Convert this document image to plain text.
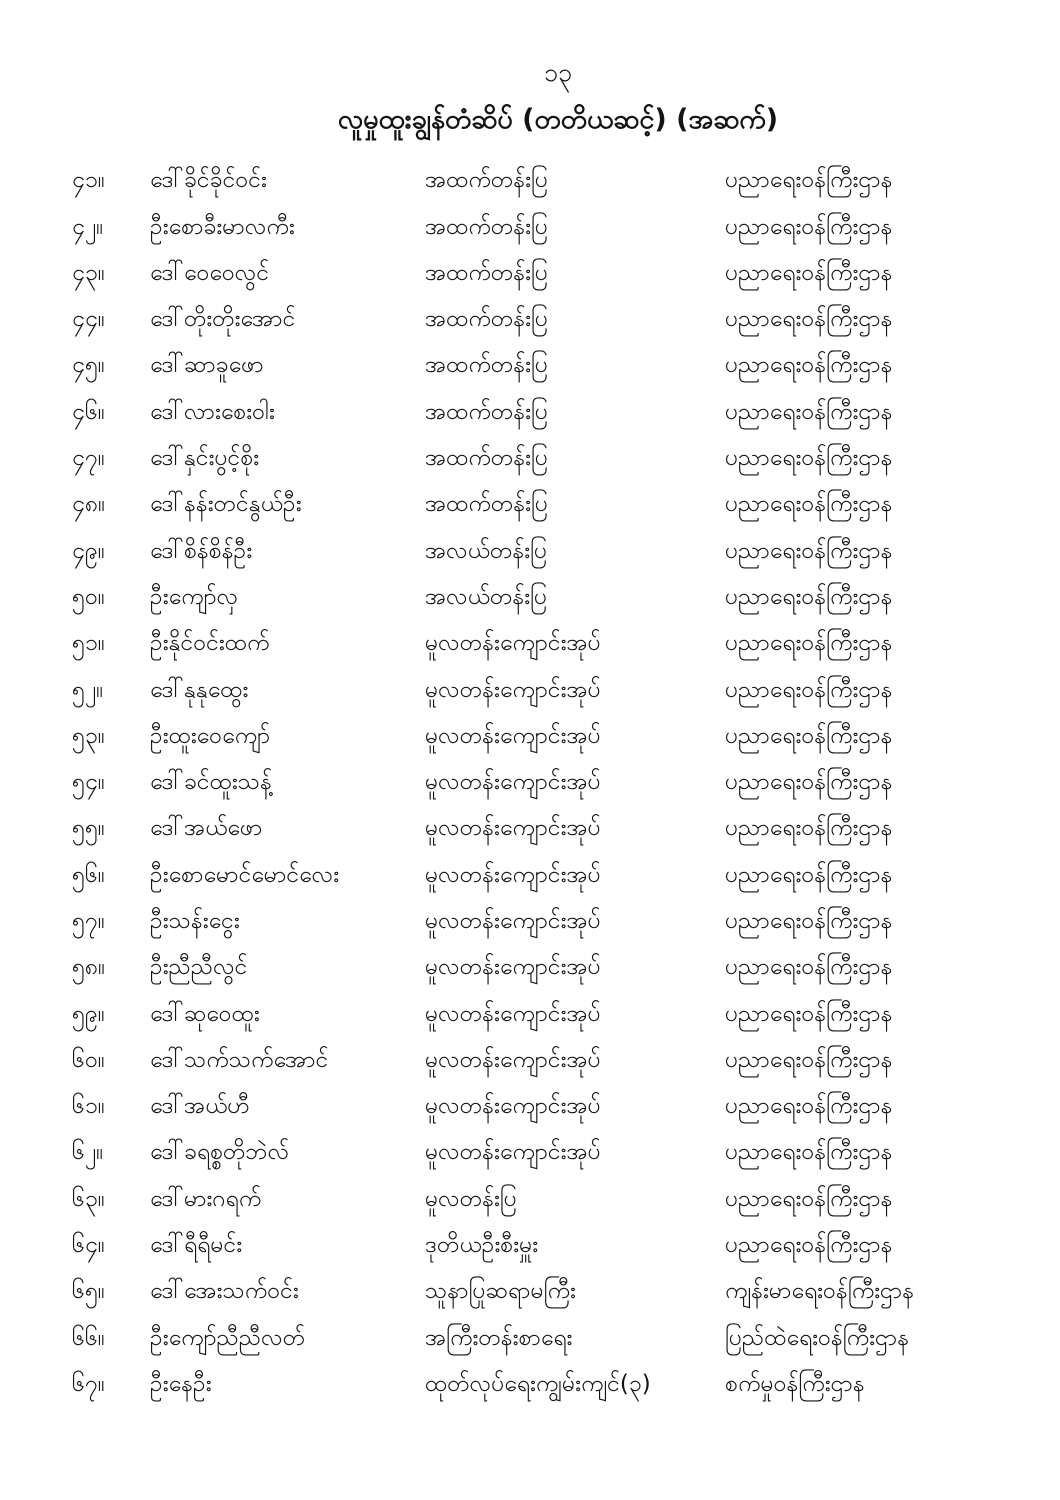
၁၃
လူမှုထူးချွန်တံဆိပ် (တတိယဆင့်) (အဆက်)
၄၁။	ဒေါ်ခိုင်ခိုင်ဝင်း	အထက်တန်းပြ	ပညာရေးဝန်ကြီးဌာန
၄၂။	ဦးစောခီးမာလကီး	အထက်တန်းပြ	ပညာရေးဝန်ကြီးဌာန
၄၃။	ဒေါ်ဝေဝေလွင်	အထက်တန်းပြ	ပညာရေးဝန်ကြီးဌာန
၄၄။	ဒေါ်တိုးတိုးအောင်	အထက်တန်းပြ	ပညာရေးဝန်ကြီးဌာန
၄၅။	ဒေါ်ဆာခူဖော	အထက်တန်းပြ	ပညာရေးဝန်ကြီးဌာန
၄၆။	ဒေါ်လားစေးဝါး	အထက်တန်းပြ	ပညာရေးဝန်ကြီးဌာန
၄၇။	ဒေါ်နှင်းပွင့်စိုး	အထက်တန်းပြ	ပညာရေးဝန်ကြီးဌာန
၄၈။	ဒေါ်နန်းတင်နွယ်ဦး	အထက်တန်းပြ	ပညာရေးဝန်ကြီးဌာန
၄၉။	ဒေါ်စိန်စိန်ဦး	အလယ်တန်းပြ	ပညာရေးဝန်ကြီးဌာန
၅၀။	ဦးကျော်လှ	အလယ်တန်းပြ	ပညာရေးဝန်ကြီးဌာန
၅၁။	ဦးနိုင်ဝင်းထက်	မူလတန်းကျောင်းအုပ်	ပညာရေးဝန်ကြီးဌာန
၅၂။	ဒေါ်နုနုထွေး	မူလတန်းကျောင်းအုပ်	ပညာရေးဝန်ကြီးဌာန
၅၃။	ဦးထူးဝေကျော်	မူလတန်းကျောင်းအုပ်	ပညာရေးဝန်ကြီးဌာန
၅၄။	ဒေါ်ခင်ထူးသန့်	မူလတန်းကျောင်းအုပ်	ပညာရေးဝန်ကြီးဌာန
၅၅။	ဒေါ်အယ်ဖော	မူလတန်းကျောင်းအုပ်	ပညာရေးဝန်ကြီးဌာန
၅၆။	ဦးစောမောင်မောင်လေး	မူလတန်းကျောင်းအုပ်	ပညာရေးဝန်ကြီးဌာန
၅၇။	ဦးသန်းငွေး	မူလတန်းကျောင်းအုပ်	ပညာရေးဝန်ကြီးဌာန
၅၈။	ဦးညီညီလွင်	မူလတန်းကျောင်းအုပ်	ပညာရေးဝန်ကြီးဌာန
၅၉။	ဒေါ်ဆုဝေထူး	မူလတန်းကျောင်းအုပ်	ပညာရေးဝန်ကြီးဌာန
၆၀။	ဒေါ်သက်သက်အောင်	မူလတန်းကျောင်းအုပ်	ပညာရေးဝန်ကြီးဌာန
၆၁။	ဒေါ်အယ်ဟီ	မူလတန်းကျောင်းအုပ်	ပညာရေးဝန်ကြီးဌာန
၆၂။	ဒေါ်ခရစ္စတိုဘဲလ်	မူလတန်းကျောင်းအုပ်	ပညာရေးဝန်ကြီးဌာန
၆၃။	ဒေါ်မားဂရက်	မူလတန်းပြ	ပညာရေးဝန်ကြီးဌာန
၆၄။	ဒေါ်ရီရီမင်း	ဒုတိယဦးစီးမှူး	ပညာရေးဝန်ကြီးဌာန
၆၅။	ဒေါ်အေးသက်ဝင်း	သူနာပြုဆရာမကြီး	ကျန်းမာရေးဝန်ကြီးဌာန
၆၆။	ဦးကျော်ညီညီလတ်	အကြီးတန်းစာရေး	ပြည်ထဲရေးဝန်ကြီးဌာန
၆၇။	ဦးနေဦး	ထုတ်လုပ်ရေးကျွမ်းကျင်(၃)	စက်မှုဝန်ကြီးဌာန
